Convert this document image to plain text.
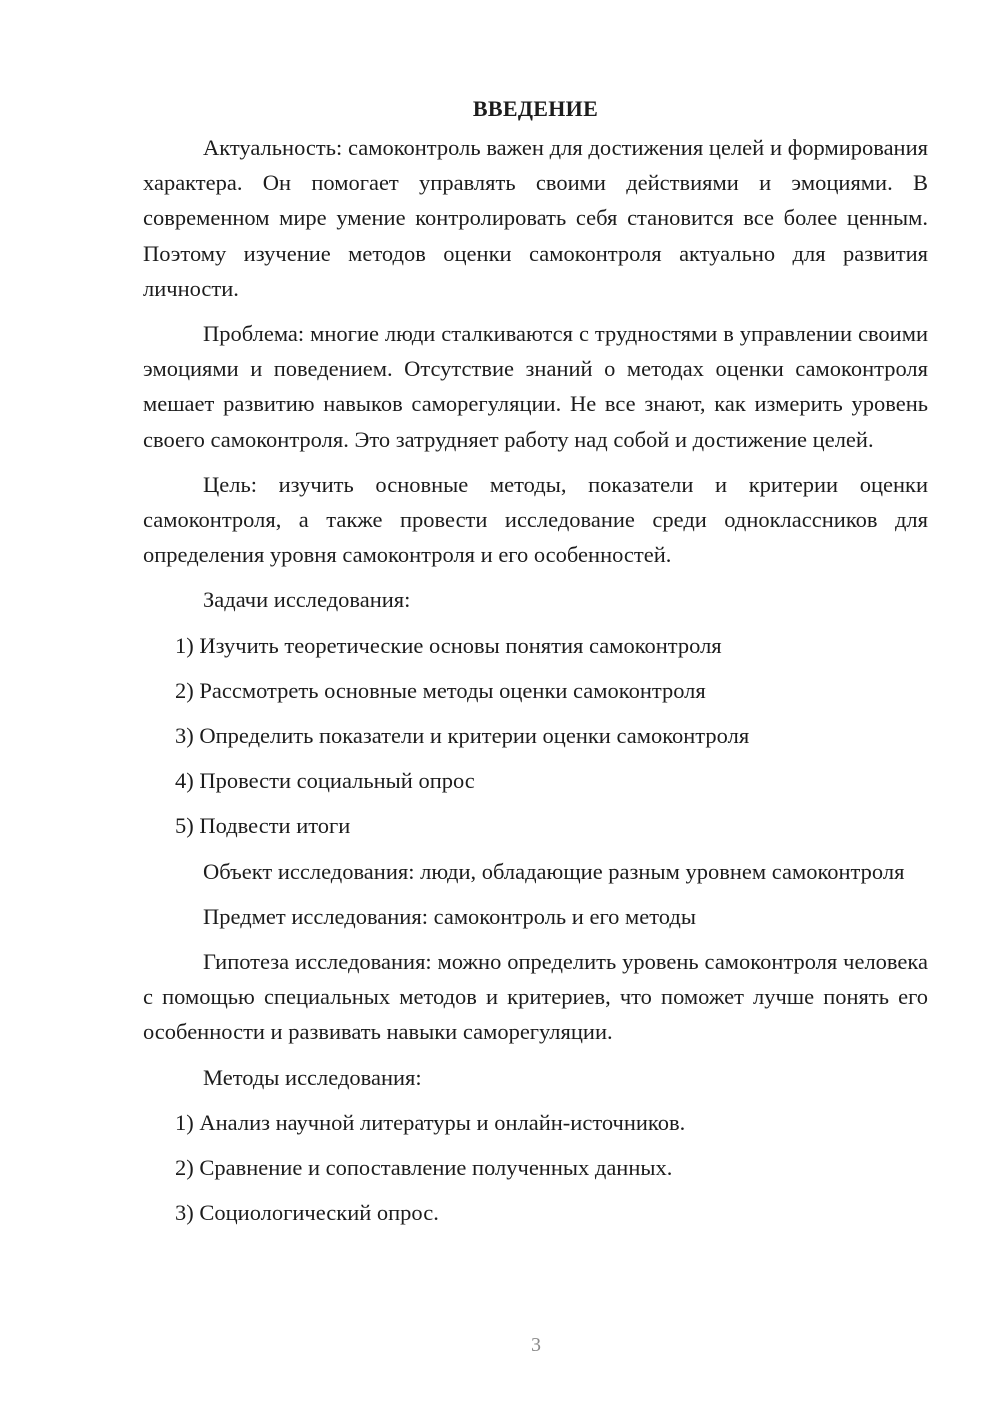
ВВЕДЕНИЕ

Актуальность: самоконтроль важен для достижения целей и формирования характера. Он помогает управлять своими действиями и эмоциями. В современном мире умение контролировать себя становится все более ценным. Поэтому изучение методов оценки самоконтроля актуально для развития личности.

Проблема: многие люди сталкиваются с трудностями в управлении своими эмоциями и поведением. Отсутствие знаний о методах оценки самоконтроля мешает развитию навыков саморегуляции. Не все знают, как измерить уровень своего самоконтроля. Это затрудняет работу над собой и достижение целей.

Цель: изучить основные методы, показатели и критерии оценки самоконтроля, а также провести исследование среди одноклассников для определения уровня самоконтроля и его особенностей.

Задачи исследования:

1) Изучить теоретические основы понятия самоконтроля
2) Рассмотреть основные методы оценки самоконтроля
3) Определить показатели и критерии оценки самоконтроля
4) Провести социальный опрос
5) Подвести итоги

Объект исследования: люди, обладающие разным уровнем самоконтроля

Предмет исследования: самоконтроль и его методы

Гипотеза исследования: можно определить уровень самоконтроля человека с помощью специальных методов и критериев, что поможет лучше понять его особенности и развивать навыки саморегуляции.

Методы исследования:

1) Анализ научной литературы и онлайн-источников.
2) Сравнение и сопоставление полученных данных.
3) Социологический опрос.
3
